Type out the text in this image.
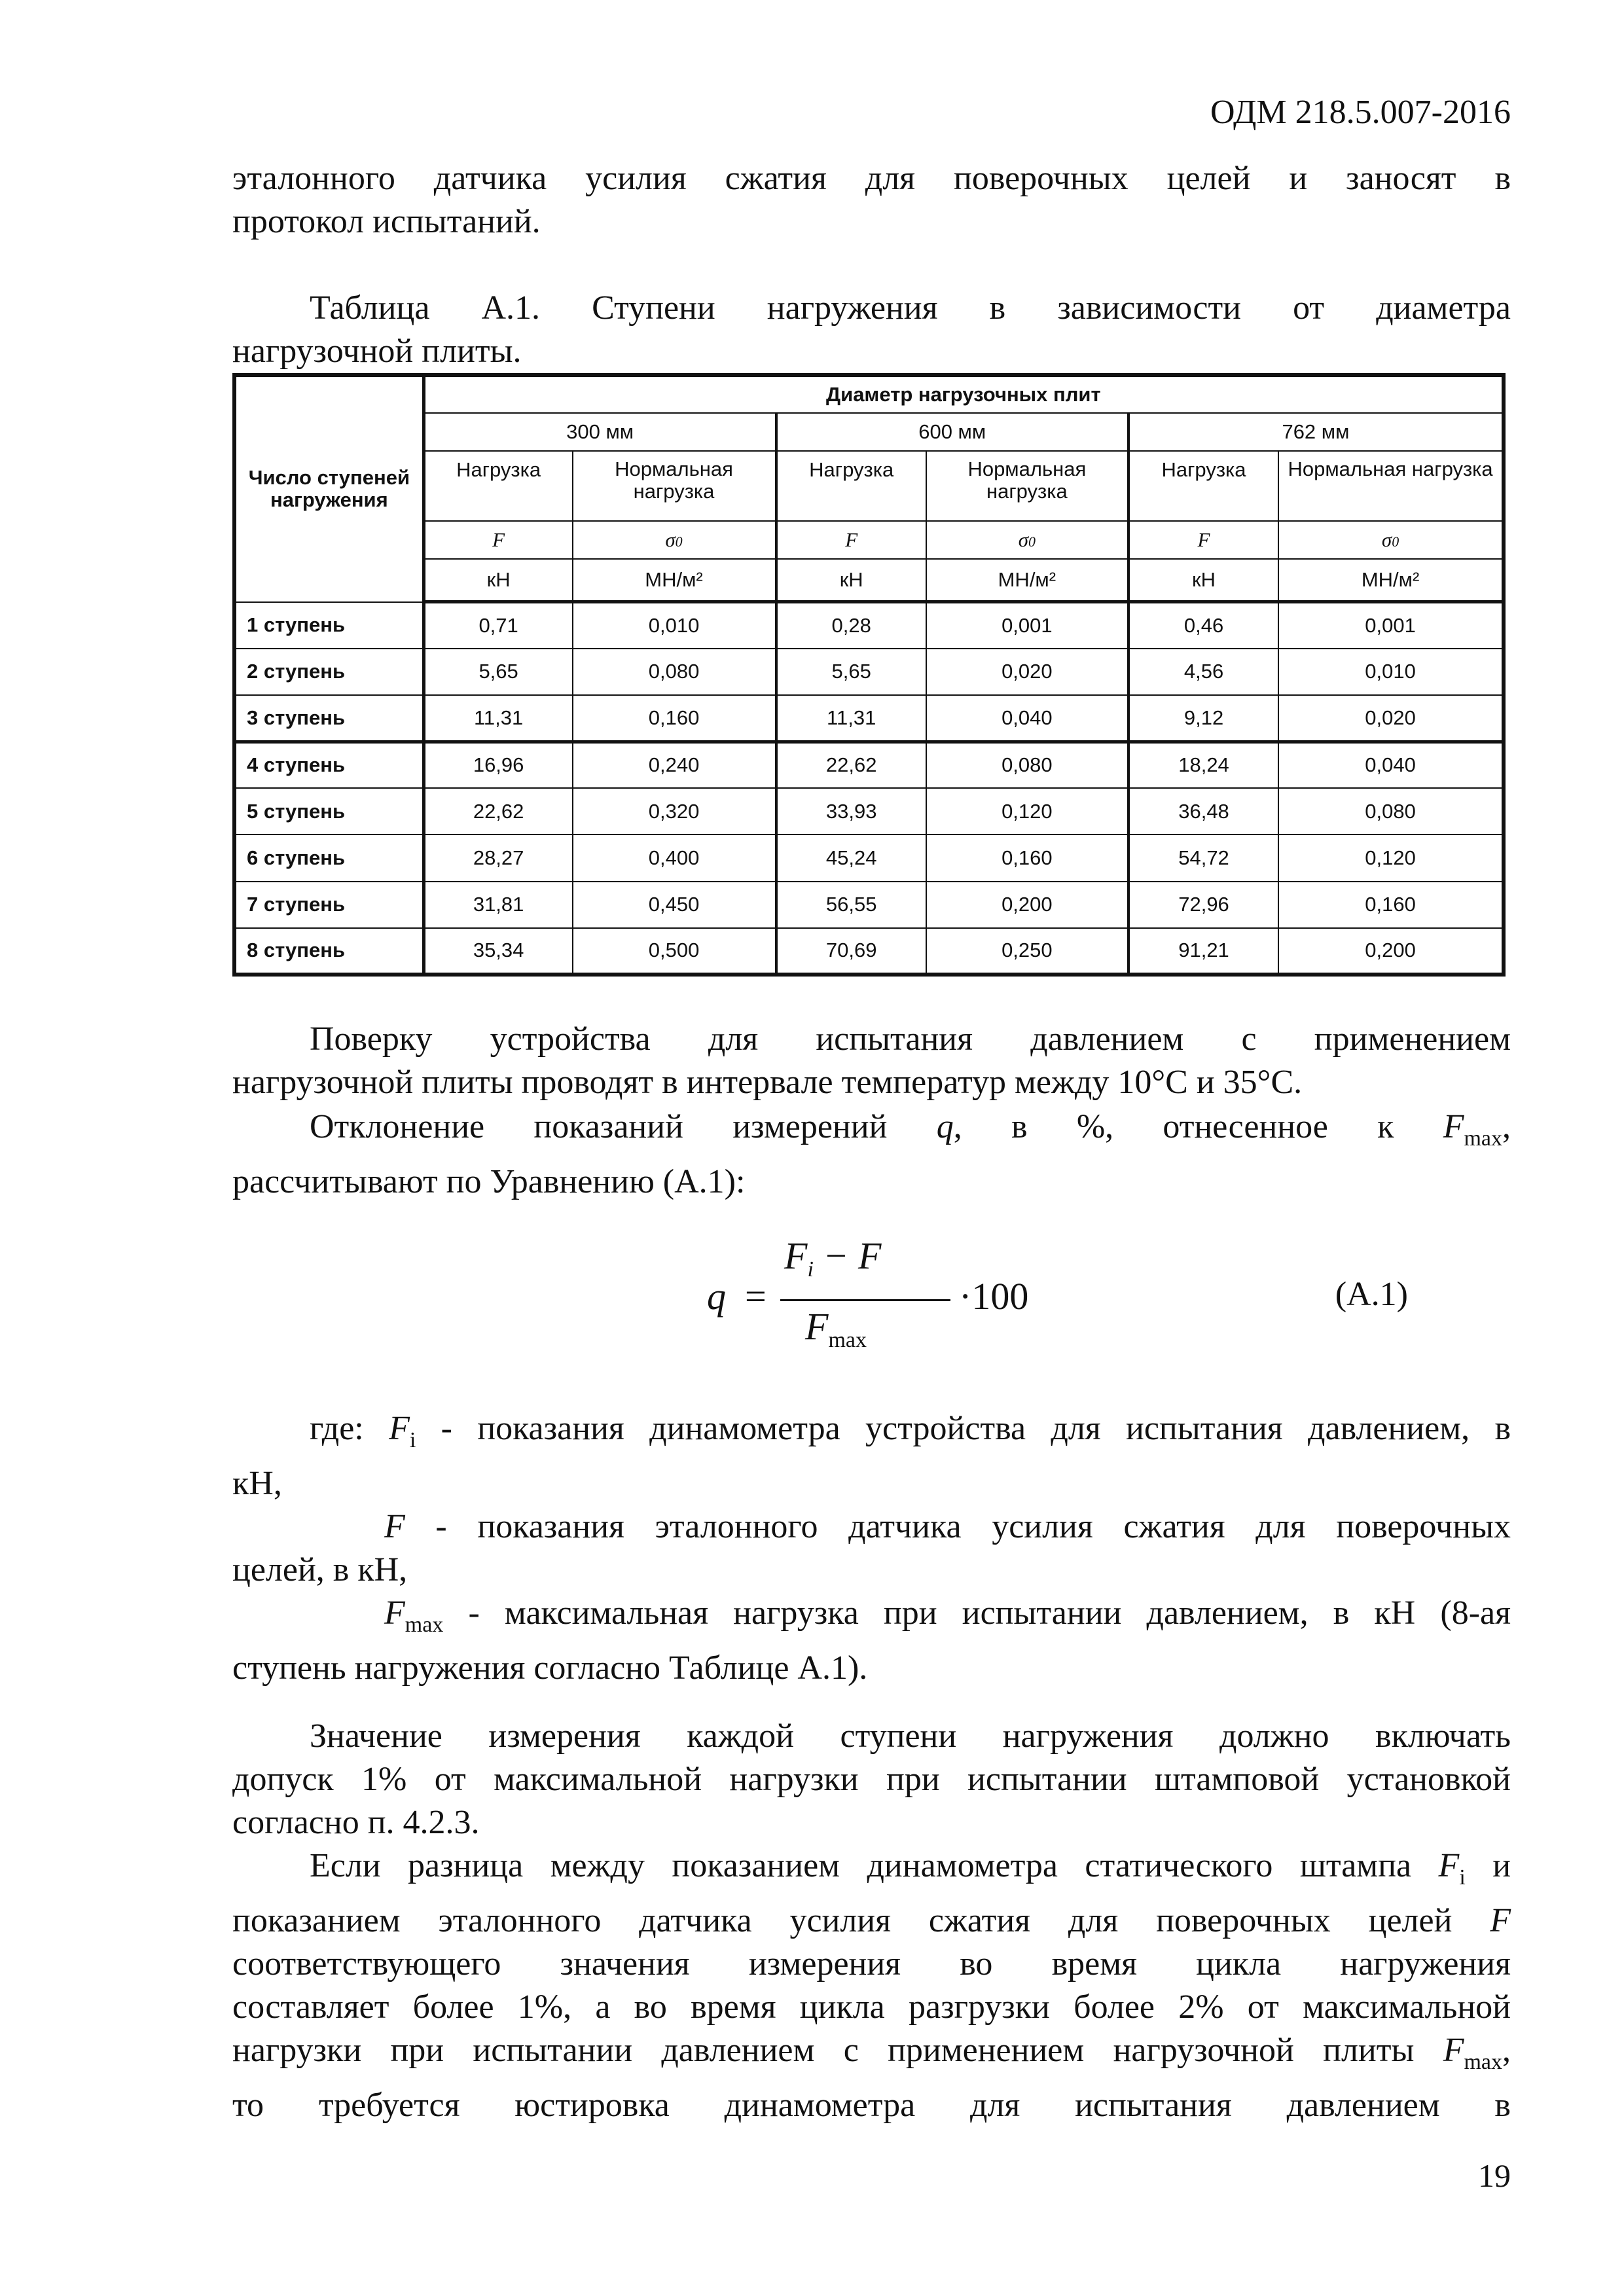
ОДМ 218.5.007-2016
эталонного датчика усилия сжатия для поверочных целей и заносят в
протокол испытаний.
Таблица А.1. Ступени нагружения в зависимости от диаметра
нагрузочной плиты.
Число ступеней нагружения	Диаметр нагрузочных плит					
	300 мм		600 мм		762 мм	
	Нагрузка	Нормальная нагрузка	Нагрузка	Нормальная нагрузка	Нагрузка	Нормальная нагрузка
	F	σ0	F	σ0	F	σ0
	кН	МН/м²	кН	МН/м²	кН	МН/м²
1 ступень	0,71	0,010	0,28	0,001	0,46	0,001
2 ступень	5,65	0,080	5,65	0,020	4,56	0,010
3 ступень	11,31	0,160	11,31	0,040	9,12	0,020
4 ступень	16,96	0,240	22,62	0,080	18,24	0,040
5 ступень	22,62	0,320	33,93	0,120	36,48	0,080
6 ступень	28,27	0,400	45,24	0,160	54,72	0,120
7 ступень	31,81	0,450	56,55	0,200	72,96	0,160
8 ступень	35,34	0,500	70,69	0,250	91,21	0,200
Поверку устройства для испытания давлением с применением
нагрузочной плиты проводят в интервале температур между 10°С и 35°С.
Отклонение показаний измерений q, в %, отнесенное к $F_{max}$,
рассчитывают по Уравнению (А.1):
q =
$F_i - F$
$F_{max}$
·100	(А.1)
где: $F_i$ - показания динамометра устройства для испытания давлением, в
кН,
F - показания эталонного датчика усилия сжатия для поверочных
целей, в кН,
$F_{max}$ - максимальная нагрузка при испытании давлением, в кН (8-ая
ступень нагружения согласно Таблице А.1).
Значение измерения каждой ступени нагружения должно включать
допуск 1% от максимальной нагрузки при испытании штамповой установкой
согласно п. 4.2.3.
Если разница между показанием динамометра статического штампа $F_i$ и
показанием эталонного датчика усилия сжатия для поверочных целей F
соответствующего значения измерения во время цикла нагружения
составляет более 1%, а во время цикла разгрузки более 2% от максимальной
нагрузки при испытании давлением с применением нагрузочной плиты $F_{max}$,
то требуется юстировка динамометра для испытания давлением в
19
